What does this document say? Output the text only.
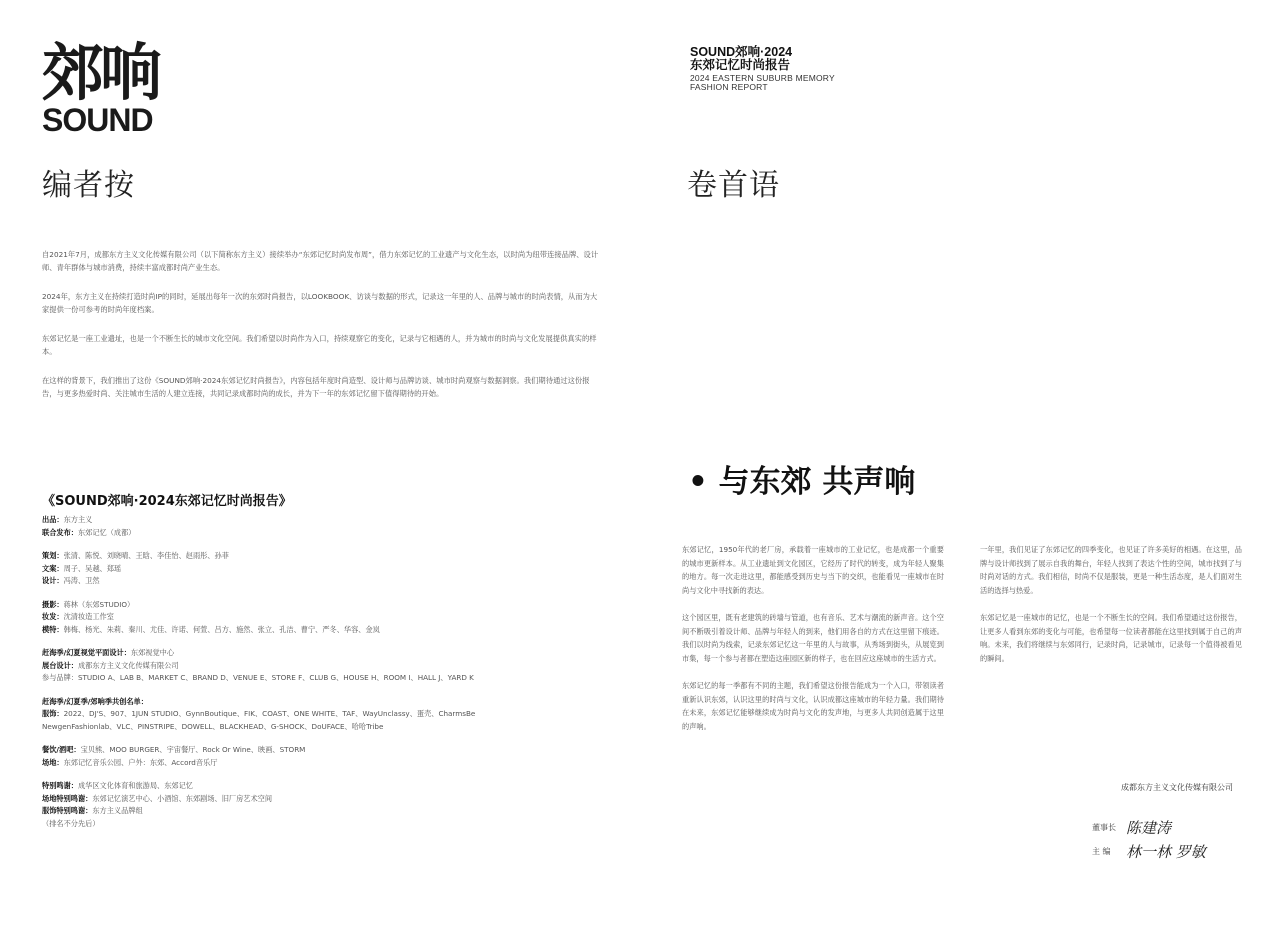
郊响
SOUND
编者按

自2021年7月，成都东方主义文化传媒有限公司（以下简称东方主义）接续举办“东郊记忆时尚发布周”，借力东郊记忆的工业遗产与文化生态，以时尚为纽带连接品牌、设计师、青年群体与城市消费，持续丰富成都时尚产业生态。

2024年，东方主义在持续打造时尚IP的同时，延展出每年一次的东郊时尚报告，以LOOKBOOK、访谈与数据的形式，记录这一年里的人、品牌与城市的时尚表情，从而为大家提供一份可参考的时尚年度档案。

东郊记忆是一座工业遗址，也是一个不断生长的城市文化空间。我们希望以时尚作为入口，持续观察它的变化，记录与它相遇的人，并为城市的时尚与文化发展提供真实的样本。

在这样的背景下，我们推出了这份《SOUND郊响·2024东郊记忆时尚报告》，内容包括年度时尚造型、设计师与品牌访谈、城市时尚观察与数据洞察。我们期待通过这份报告，与更多热爱时尚、关注城市生活的人建立连接，共同记录成都时尚的成长，并为下一年的东郊记忆留下值得期待的开始。

《SOUND郊响·2024东郊记忆时尚报告》
出品：东方主义
联合发布：东郊记忆（成都）
策划：张清、陈悦、刘晓晴、王晗、李佳怡、赵雨彤、孙菲
文案：周子、吴越、郑瑶
设计：冯涛、卫然
摄影：蒋林（东郊STUDIO）
妆发：沈清妆造工作室
模特：韩梅、杨光、朱莉、秦川、尤佳、许诺、何萱、吕方、施然、张立、孔洁、曹宁、严冬、华容、金岚
赶海季/幻夏视觉平面设计：东郊视觉中心
展台设计：成都东方主义文化传媒有限公司
参与品牌：STUDIO A、LAB B、MARKET C、BRAND D、VENUE E、STORE F、CLUB G、HOUSE H、ROOM I、HALL J、YARD K
赶海季/幻夏季/郊响季共创名单：
服饰：2022、DJ'S、907、1JUN STUDIO、GynnBoutique、FIK、COAST、ONE WHITE、TAF、WayUnclassy、蛋壳、CharmsBe
NewgenFashionlab、VLC、PINSTRIPE、DOWELL、BLACKHEAD、G-SHOCK、DoUFACE、哈哈Tribe
餐饮/酒吧：宝贝熊、MOO BURGER、宇宙餐厅、Rock Or Wine、映画、STORM
场地：东郊记忆音乐公园、户外：东郊、Accord音乐厅
特别鸣谢：成华区文化体育和旅游局、东郊记忆
场地特别鸣谢：东郊记忆演艺中心、小酒馆、东郊剧场、旧厂房艺术空间
服饰特别鸣谢：东方主义品牌组
（排名不分先后）
SOUND郊响·2024
东郊记忆时尚报告
2024 EASTERN SUBURB MEMORY
FASHION REPORT
卷首语
• 与东郊 共声响

东郊记忆，1950年代的老厂房，承载着一座城市的工业记忆，也是成都一个重要的城市更新样本。从工业遗址到文化园区，它经历了时代的转变，成为年轻人聚集的地方。每一次走进这里，都能感受到历史与当下的交织，也能看见一座城市在时尚与文化中寻找新的表达。

这个园区里，既有老建筑的砖墙与管道，也有音乐、艺术与潮流的新声音。这个空间不断吸引着设计师、品牌与年轻人的到来，他们用各自的方式在这里留下痕迹。我们以时尚为线索，记录东郊记忆这一年里的人与故事，从秀场到街头，从展览到市集，每一个参与者都在塑造这座园区新的样子，也在回应这座城市的生活方式。

东郊记忆的每一季都有不同的主题，我们希望这份报告能成为一个入口，带领读者重新认识东郊，认识这里的时尚与文化，认识成都这座城市的年轻力量。我们期待在未来，东郊记忆能够继续成为时尚与文化的发声地，与更多人共同创造属于这里的声响。

一年里，我们见证了东郊记忆的四季变化，也见证了许多美好的相遇。在这里，品牌与设计师找到了展示自我的舞台，年轻人找到了表达个性的空间，城市找到了与时尚对话的方式。我们相信，时尚不仅是服装，更是一种生活态度，是人们面对生活的选择与热爱。

东郊记忆是一座城市的记忆，也是一个不断生长的空间。我们希望通过这份报告，让更多人看到东郊的变化与可能，也希望每一位读者都能在这里找到属于自己的声响。未来，我们将继续与东郊同行，记录时尚，记录城市，记录每一个值得被看见的瞬间。

成都东方主义文化传媒有限公司
董事长 陈建涛
主 编	林一林 罗敏
